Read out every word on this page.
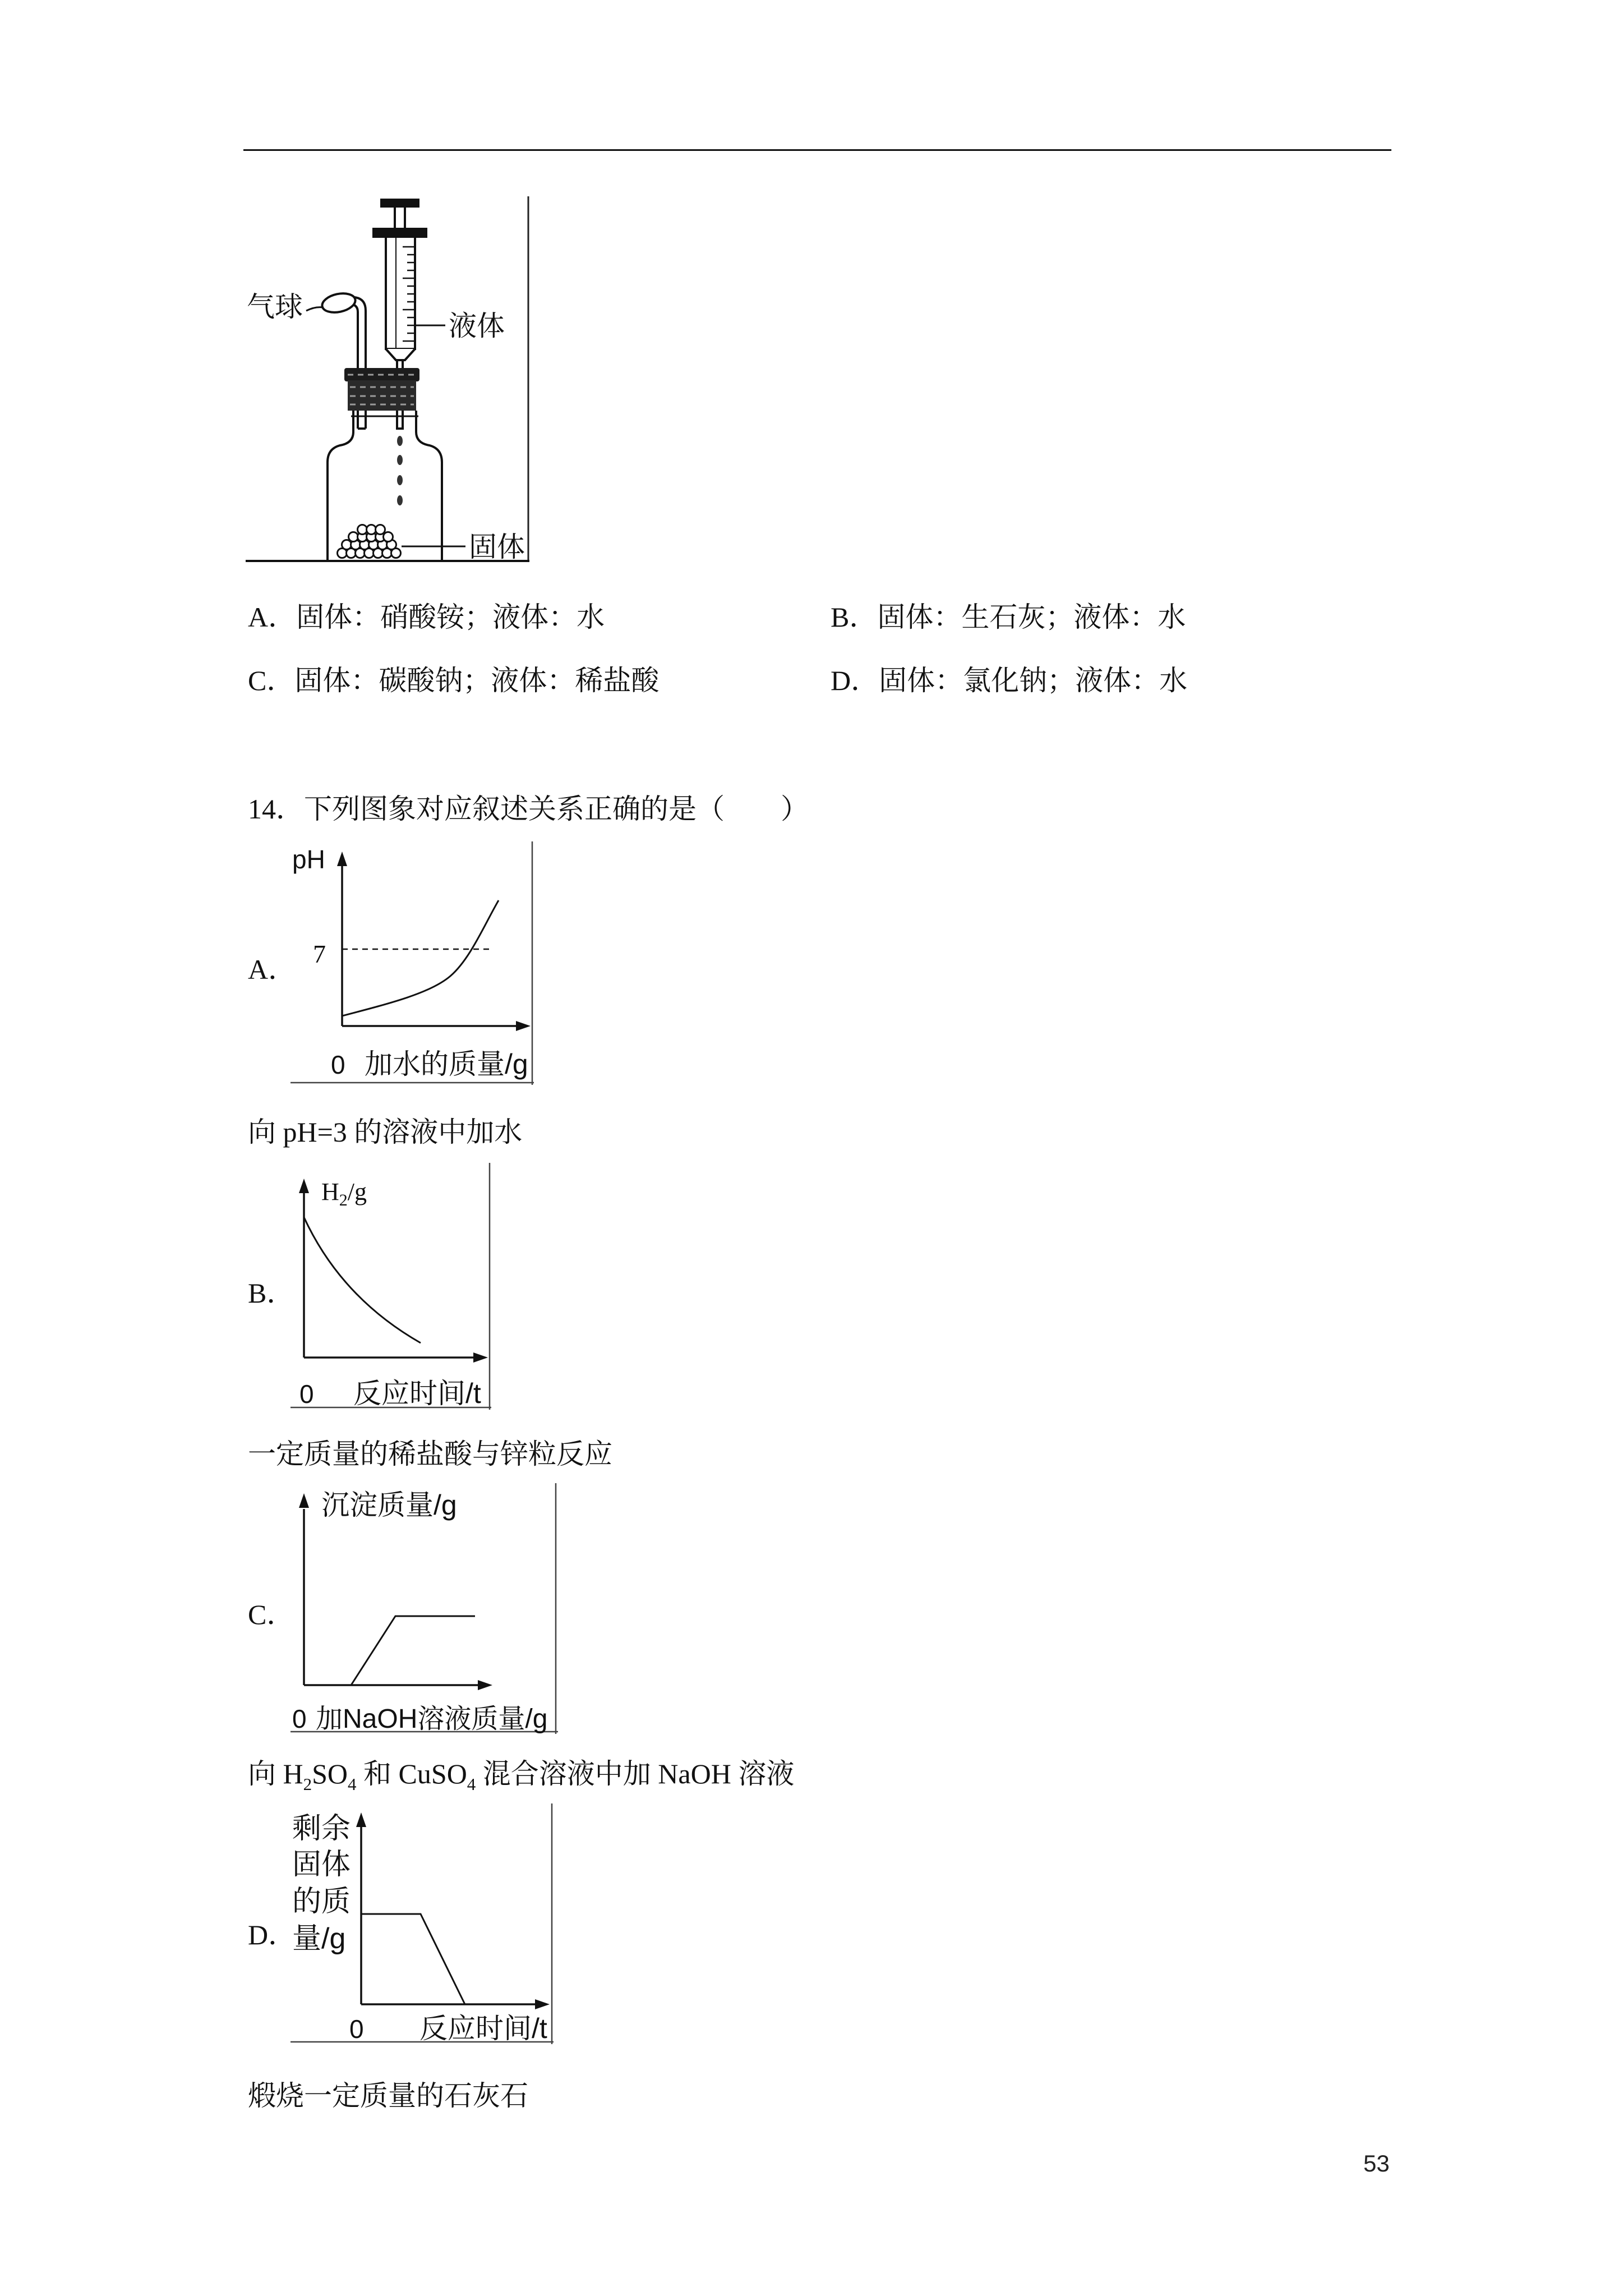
气球
液体
固体
A．固体：硝酸铵；液体：水	B．固体：生石灰；液体：水
C．固体：碳酸钠；液体：稀盐酸	D．固体：氯化钠；液体：水
14．下列图象对应叙述关系正确的是（　　）
A．
pH
7
0 加水的质量/g
向 pH=3 的溶液中加水
B．
$H_2/g$
0 反应时间/t
一定质量的稀盐酸与锌粒反应
C．
沉淀质量/g
0 加NaOH溶液质量/g
向 $H_2SO_4$ 和 CuSO$_4$ 混合溶液中加 NaOH 溶液
D．
剩余
固体
的质
量/g
0 反应时间/t
煅烧一定质量的石灰石
53
